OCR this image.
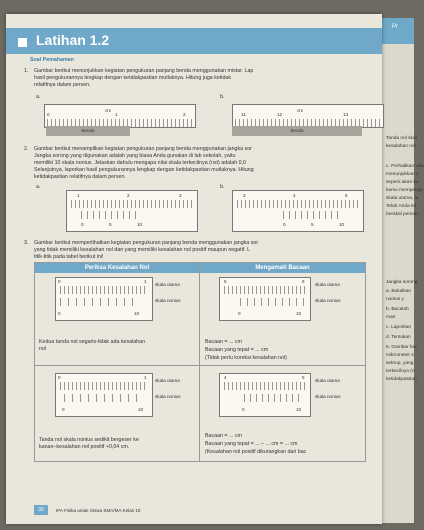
Pr
Tanda nol skal
kesalahan nol
c. Perhatikan visu
menunjukkan 1
seperti akan ku
kamu mempelaja
skala utama, la
Telah Anda let
berakal pemah
Jangka sorong
a. Bukalkan
nonius y
b. Bacalah
mas'
c. Laporkan
d. Tentukan
5. Gambar ber
mikrometer s
sekrup, yang
terkecilnya (n
ketidakpastian
Latihan 1.2
Soal Pemahaman
1. Gambar berikut menunjukkan kegiatan pengukuran panjang benda menggunakan mistar. Lap
hasil pengukurannya lengkap dengan ketidakpastian mutlaknya. Hitung juga ketidak
relatifnya dalam persen.
a.
cm
0	1	2
Benda
b.
cm
11	12	13
Benda
2. Gambar berikut menampilkan kegiatan pengukuran panjang benda menggunakan jangka sor
Jangka sorong yang digunakan adalah yang biasa Anda gunakan di lab sekolah, yaitu
memiliki 10 skala nonius. Jelaskan dahulu mengapa nilai skala terkecilnya (nst) adalah 0,0
Selanjutnya, laporkan hasil pengukurannya lengkap dengan ketidakpastian mutlaknya. Hitung
ketidakpastian relatifnya dalam persen.
a.
1	2	3
0	5	10
b.
3	4	5
0	5	10
3. Gambar berikut memperlihatkan kegiatan pengukuran panjang benda menggunakan jangka sor
yang tidak memiliki kesalahan nol dan yang memiliki kesalahan nol positif maupun negatif. L
titik-titik pada tabel berikut ini!
Periksa Kesalahan Nol	Mengamati Bacaan
0	1
0	10
skala utama
skala nonius
Kedua tanda nol segaris-tidak ada kesalahan
nol
5	6
0	10
skala utama
skala nonius
Bacaan = ... cm
Bacaan yang tepat = ... cm
(Tidak perlu koreksi kesalahan nol)
0	1
0	10
skala utama
skala nonius
Tanda nol skala nonius sedikit bergeser ke
kanan–kesalahan nol positif +0,04 cm.
4	5
0	10
skala utama
skala nonius
Bacaan = ... cm
Bacaan yang tepat = ... – ... cm = ... cm
(Kesalahan nol positif dikurangkan dari bac
30	IPA Fisika untuk Siswa SMA/MA Kelas 10
